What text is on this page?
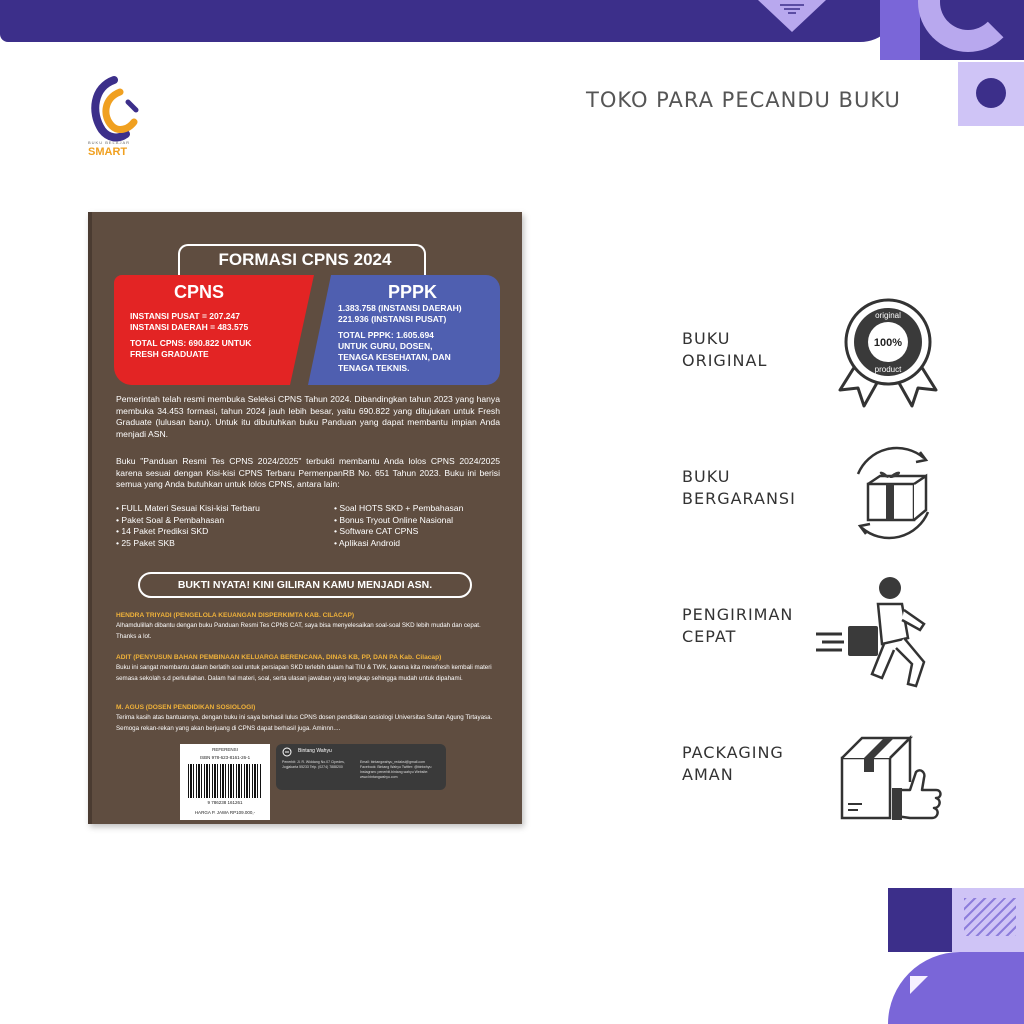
BUKU BELAJAR
SMART
TOKO PARA PECANDU BUKU
FORMASI CPNS 2024
CPNS
INSTANSI PUSAT = 207.247
INSTANSI DAERAH = 483.575
TOTAL CPNS: 690.822 UNTUK
FRESH GRADUATE
PPPK
1.383.758 (INSTANSI DAERAH)
221.936 (INSTANSI PUSAT)
TOTAL PPPK: 1.605.694
UNTUK GURU, DOSEN,
TENAGA KESEHATAN, DAN
TENAGA TEKNIS.
Pemerintah telah resmi membuka Seleksi CPNS Tahun 2024. Dibandingkan tahun 2023 yang hanya membuka 34.453 formasi, tahun 2024 jauh lebih besar, yaitu 690.822 yang ditujukan untuk Fresh Graduate (lulusan baru). Untuk itu dibutuhkan buku Panduan yang dapat membantu impian Anda menjadi ASN.
Buku "Panduan Resmi Tes CPNS 2024/2025" terbukti membantu Anda lolos CPNS 2024/2025 karena sesuai dengan Kisi-kisi CPNS Terbaru PermenpanRB No. 651 Tahun 2023. Buku ini berisi semua yang Anda butuhkan untuk lolos CPNS, antara lain:
• FULL Materi Sesuai Kisi-kisi Terbaru
• Paket Soal & Pembahasan
• 14 Paket Prediksi SKD
• 25 Paket SKB
• Soal HOTS SKD + Pembahasan
• Bonus Tryout Online Nasional
• Software CAT CPNS
• Aplikasi Android
BUKTI NYATA! KINI GILIRAN KAMU MENJADI ASN.
HENDRA TRIYADI (PENGELOLA KEUANGAN DISPERKIMTA KAB. CILACAP)
Alhamdulillah dibantu dengan buku Panduan Resmi Tes CPNS CAT, saya bisa menyelesaikan soal-soal SKD lebih mudah dan cepat. Thanks a lot.
ADIT (PENYUSUN BAHAN PEMBINAAN KELUARGA BERENCANA, DINAS KB, PP, DAN PA Kab. Cilacap)
Buku ini sangat membantu dalam berlatih soal untuk persiapan SKD terlebih dalam hal TIU & TWK, karena kita merefresh kembali materi semasa sekolah s.d perkuliahan. Dalam hal materi, soal, serta ulasan jawaban yang lengkap sehingga mudah untuk dipahami.
M. AGUS (DOSEN PENDIDIKAN SOSIOLOGI)
Terima kasih atas bantuannya, dengan buku ini saya berhasil lulus CPNS dosen pendidikan sosiologi Universitas Sultan Agung Tirtayasa. Semoga rekan-rekan yang akan berjuang di CPNS dapat berhasil juga. Aminnn....
REFERENSI
ISBN 978-623-8161-26-1
9 786238 161261
HARGA P. JAWA RP109.000,-
Bintang Wahyu
Penerbit: Jl. R. Widdang No.07 Cipedes, Jogjakarta 55233 Telp. (0274) 7888200
Email: bintangwahyu_redaksi@gmail.com Facebook: Bintang Wahyu Twitter: @bintwhyu Instagram: penerbit.bintang.wahyu Website: www.bintangwahyu.com
BUKU
ORIGINAL
100%
original
product
BUKU
BERGARANSI
PENGIRIMAN
CEPAT
PACKAGING
AMAN
